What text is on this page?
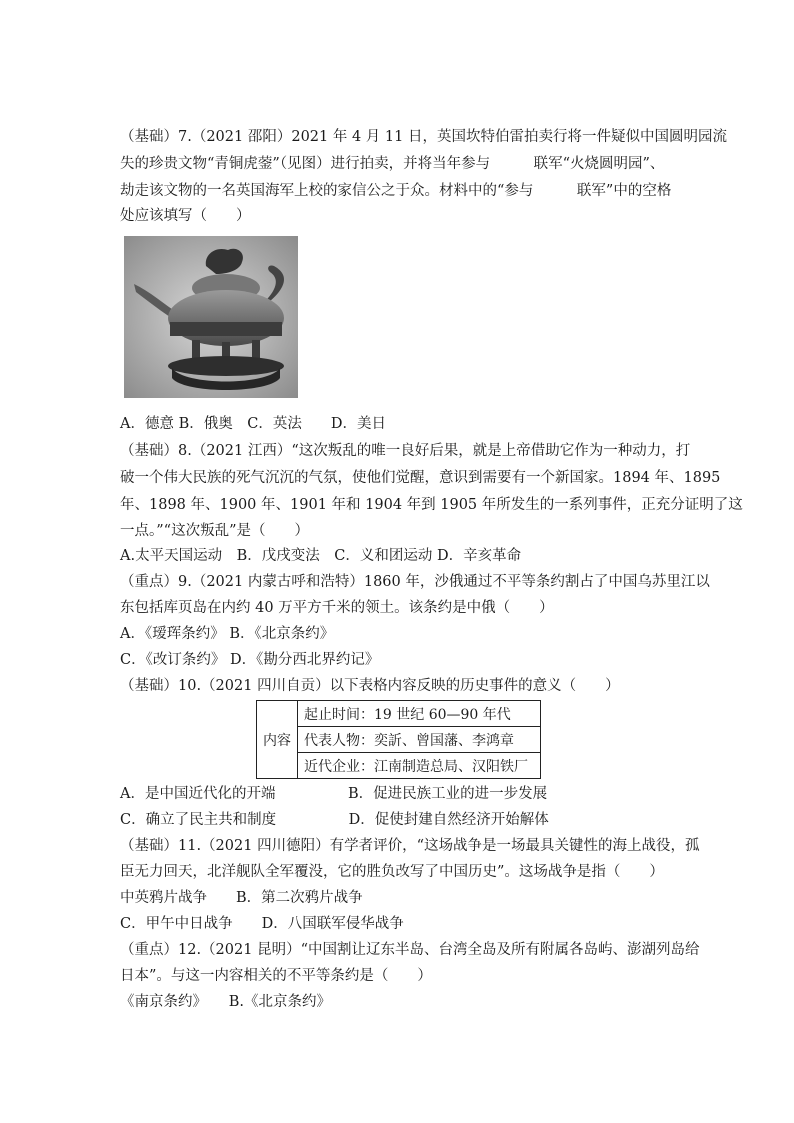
（基础）7.（2021 邵阳）2021 年 4 月 11 日，英国坎特伯雷拍卖行将一件疑似中国圆明园流
失的珍贵文物“青铜虎蓥”（见图）进行拍卖，并将当年参与　　　联军“火烧圆明园”、
劫走该文物的一名英国海军上校的家信公之于众。材料中的“参与　　　联军”中的空格
处应该填写（　　）
A．德意 B．俄奥　C．英法　　D．美日
（基础）8.（2021 江西）“这次叛乱的唯一良好后果，就是上帝借助它作为一种动力，打
破一个伟大民族的死气沉沉的气氛，使他们觉醒，意识到需要有一个新国家。1894 年、1895
年、1898 年、1900 年、1901 年和 1904 年到 1905 年所发生的一系列事件，正充分证明了这
一点。”“这次叛乱”是（　　）
A.太平天国运动　B．戊戌变法　C．义和团运动 D．辛亥革命
（重点）9.（2021 内蒙古呼和浩特）1860 年，沙俄通过不平等条约割占了中国乌苏里江以
东包括库页岛在内约 40 万平方千米的领土。该条约是中俄（　　）
A．《瑷珲条约》 B．《北京条约》
C．《改订条约》 D．《勘分西北界约记》
（基础）10.（2021 四川自贡）以下表格内容反映的历史事件的意义（　　）
内容	起止时间：19 世纪 60—90 年代
代表人物：奕訢、曾国藩、李鸿章
近代企业：江南制造总局、汉阳铁厂
A．是中国近代化的开端　　　　　B．促进民族工业的进一步发展
C．确立了民主共和制度　　　　　D．促使封建自然经济开始解体
（基础）11.（2021 四川德阳）有学者评价，“这场战争是一场最具关键性的海上战役，孤
臣无力回天，北洋舰队全军覆没，它的胜负改写了中国历史”。这场战争是指（　　）
中英鸦片战争　　B．第二次鸦片战争
C．甲午中日战争　　D．八国联军侵华战争
（重点）12.（2021 昆明）“中国割让辽东半岛、台湾全岛及所有附属各岛屿、澎湖列岛给
日本”。与这一内容相关的不平等条约是（　　）
《南京条约》　　B.《北京条约》
